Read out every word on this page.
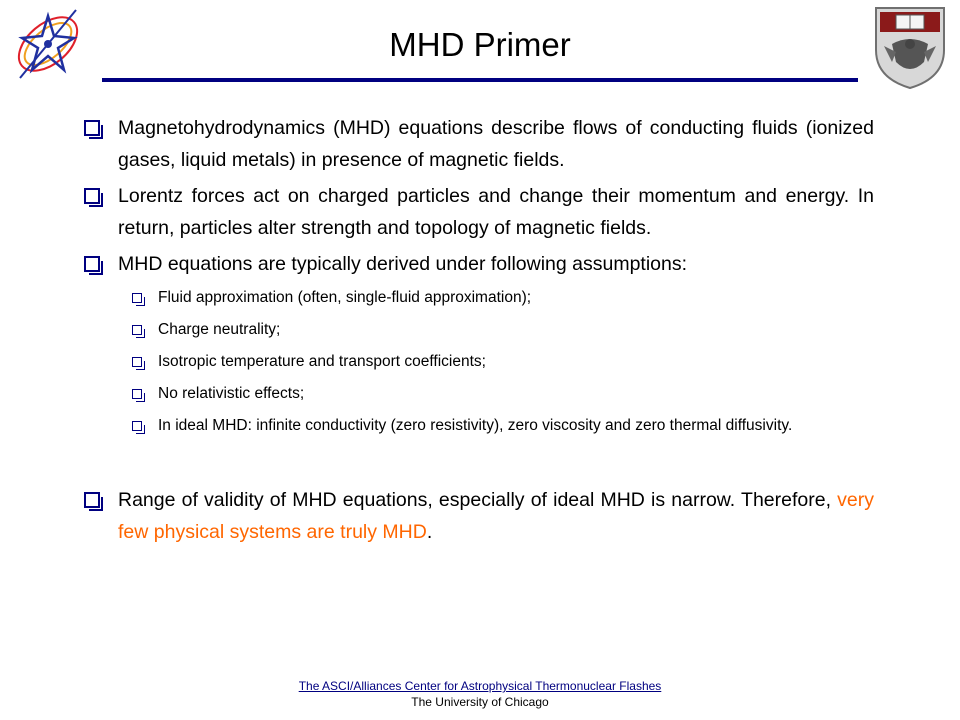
MHD Primer
Magnetohydrodynamics (MHD) equations describe flows of conducting fluids (ionized gases, liquid metals) in presence of magnetic fields.
Lorentz forces act on charged particles and change their momentum and energy. In return, particles alter strength and topology of magnetic fields.
MHD equations are typically derived under following assumptions:
Fluid approximation (often, single-fluid approximation);
Charge neutrality;
Isotropic temperature and transport coefficients;
No relativistic effects;
In ideal MHD: infinite conductivity (zero resistivity), zero viscosity and zero thermal diffusivity.
Range of validity of MHD equations, especially of ideal MHD is narrow. Therefore, very few physical systems are truly MHD.
The ASCI/Alliances Center for Astrophysical Thermonuclear Flashes
The University of Chicago
